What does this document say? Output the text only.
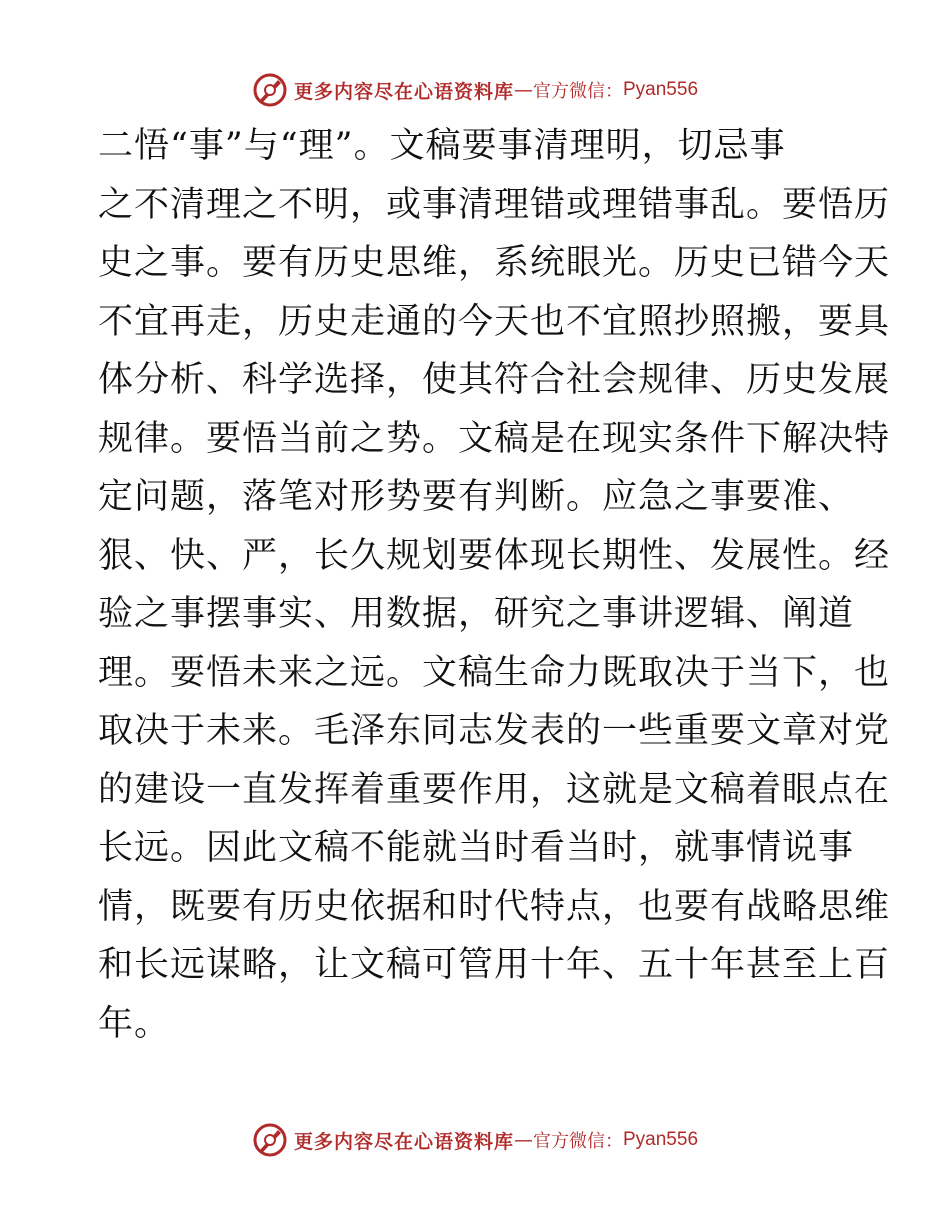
更多内容尽在心语资料库 — 官方微信： Pyan556
二悟“事”与“理”。文稿要事清理明，切忌事
之不清理之不明，或事清理错或理错事乱。要悟历
史之事。要有历史思维，系统眼光。历史已错今天
不宜再走，历史走通的今天也不宜照抄照搬，要具
体分析、科学选择，使其符合社会规律、历史发展
规律。要悟当前之势。文稿是在现实条件下解决特
定问题，落笔对形势要有判断。应急之事要准、
狠、快、严，长久规划要体现长期性、发展性。经
验之事摆事实、用数据，研究之事讲逻辑、阐道
理。要悟未来之远。文稿生命力既取决于当下，也
取决于未来。毛泽东同志发表的一些重要文章对党
的建设一直发挥着重要作用，这就是文稿着眼点在
长远。因此文稿不能就当时看当时，就事情说事
情，既要有历史依据和时代特点，也要有战略思维
和长远谋略，让文稿可管用十年、五十年甚至上百
年。
更多内容尽在心语资料库 — 官方微信： Pyan556
